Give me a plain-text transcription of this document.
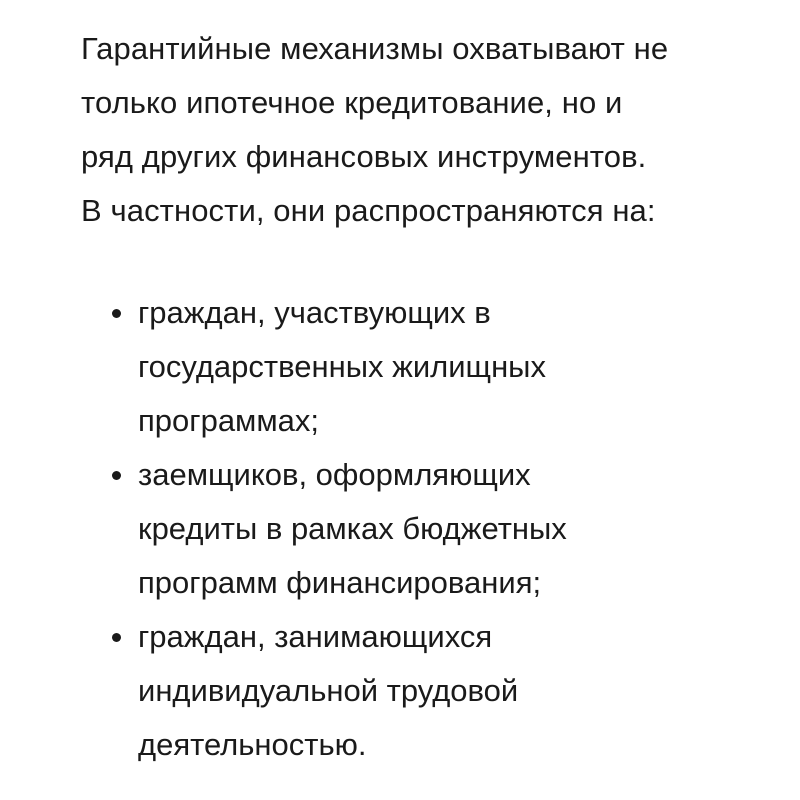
Гарантийные механизмы охватывают не
только ипотечное кредитование, но и
ряд других финансовых инструментов.
В частности, они распространяются на:

граждан, участвующих в
государственных жилищных
программах;
заемщиков, оформляющих
кредиты в рамках бюджетных
программ финансирования;
граждан, занимающихся
индивидуальной трудовой
деятельностью.
